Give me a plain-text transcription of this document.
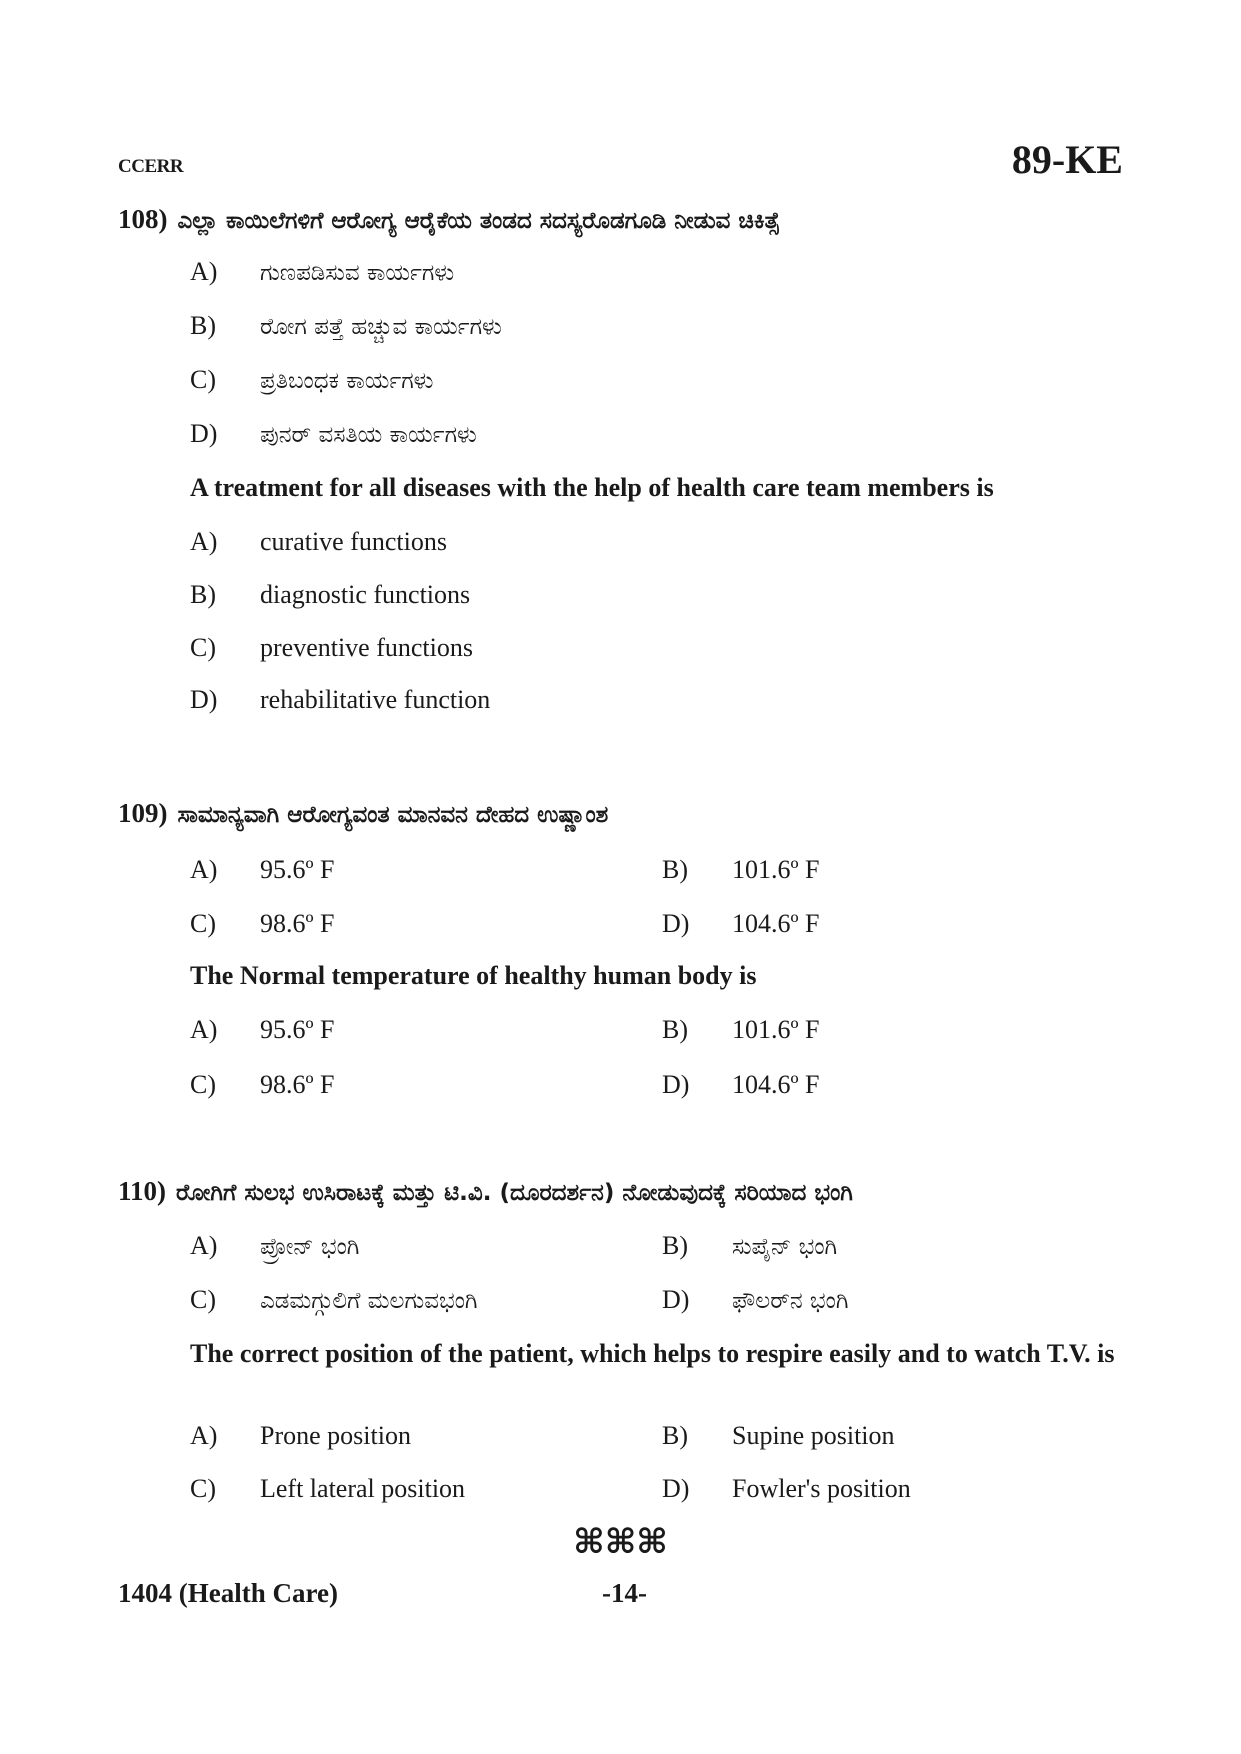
CCERR	89-KE
108) ಎಲ್ಲಾ ಕಾಯಿಲೆಗಳಿಗೆ ಆರೋಗ್ಯ ಆರೈಕೆಯ ತಂಡದ ಸದಸ್ಯರೊಡಗೂಡಿ ನೀಡುವ ಚಿಕಿತ್ಸೆ
A) ಗುಣಪಡಿಸುವ ಕಾರ್ಯಗಳು
B) ರೋಗ ಪತ್ತೆ ಹಚ್ಚುವ ಕಾರ್ಯಗಳು
C) ಪ್ರತಿಬಂಧಕ ಕಾರ್ಯಗಳು
D) ಪುನರ್ ವಸತಿಯ ಕಾರ್ಯಗಳು
A treatment for all diseases with the help of health care team members is
A) curative functions
B) diagnostic functions
C) preventive functions
D) rehabilitative function
109) ಸಾಮಾನ್ಯವಾಗಿ ಆರೋಗ್ಯವಂತ ಮಾನವನ ದೇಹದ ಉಷ್ಣಾಂಶ
A) 95.6º F	B) 101.6º F
C) 98.6º F	D) 104.6º F
The Normal temperature of healthy human body is
A) 95.6º F	B) 101.6º F
C) 98.6º F	D) 104.6º F
110) ರೋಗಿಗೆ ಸುಲಭ ಉಸಿರಾಟಕ್ಕೆ ಮತ್ತು ಟಿ.ವಿ. (ದೂರದರ್ಶನ) ನೋಡುವುದಕ್ಕೆ ಸರಿಯಾದ ಭಂಗಿ
A) ಪ್ರೋನ್ ಭಂಗಿ	B) ಸುಪೈನ್ ಭಂಗಿ
C) ಎಡಮಗ್ಗುಲಿಗೆ ಮಲಗುವಭಂಗಿ	D) ಫೌಲರ್‌ನ ಭಂಗಿ
The correct position of the patient, which helps to respire easily and to watch T.V. is
A) Prone position	B) Supine position
C) Left lateral position	D) Fowler's position
⌘⌘⌘
1404 (Health Care)	-14-
